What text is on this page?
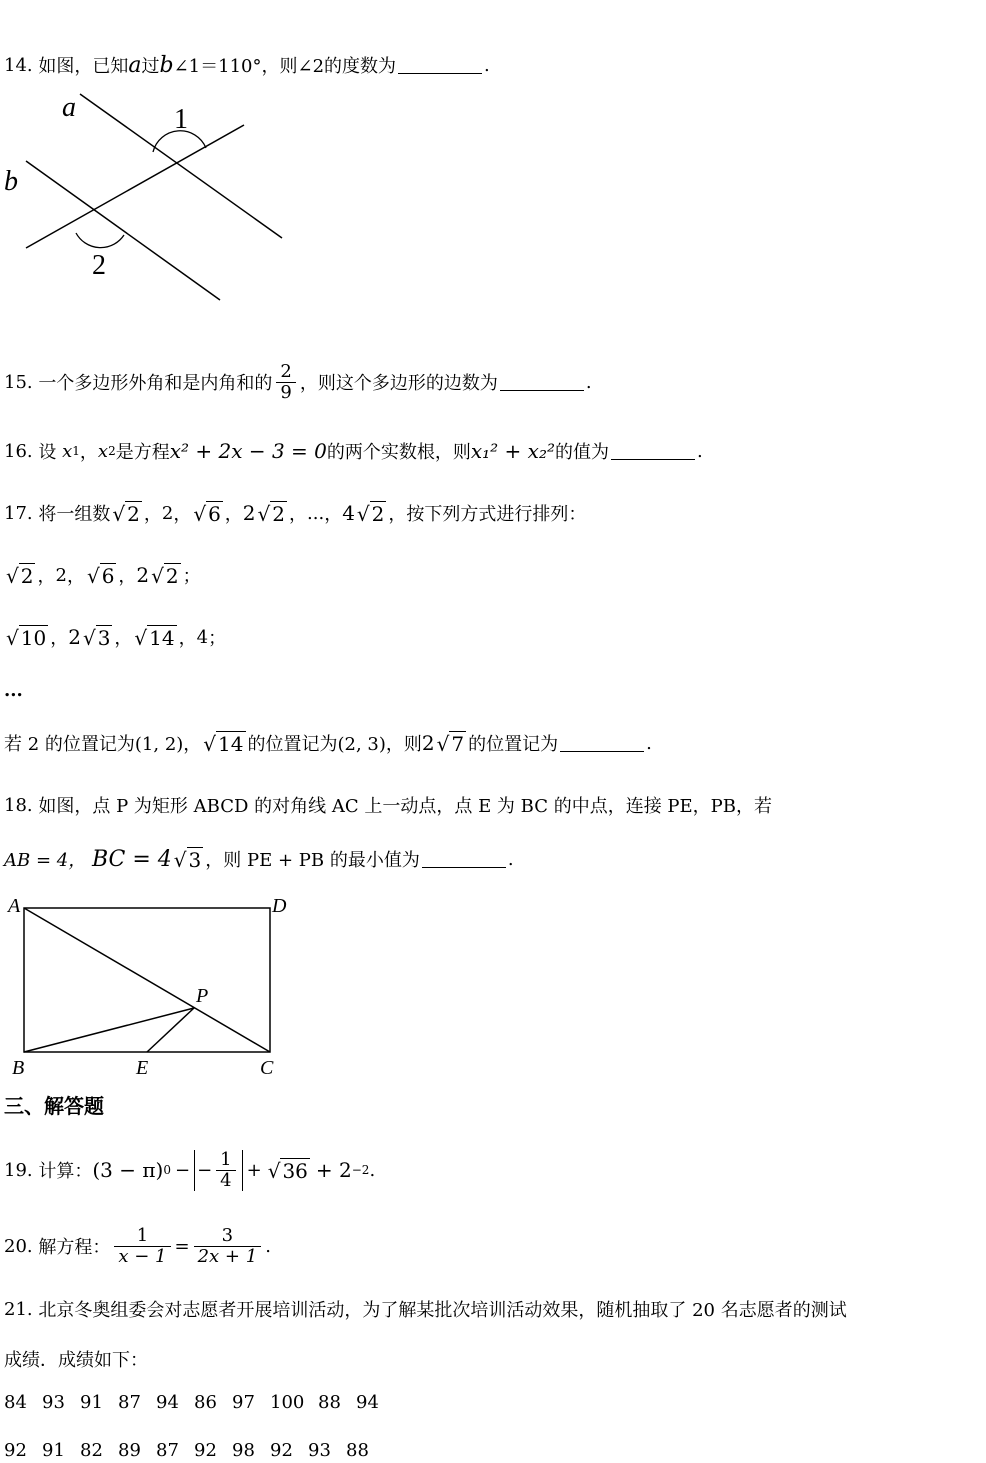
14.
如图，已知 a 过 b ∠1＝110°，则∠2的度数为	.
a
b
1
2
15.
一个多边形外角和是内角和的 $\frac{2}{9}$ ，则这个多边形的边数为	.
16.
设
x 1 ， x 2 是方程 x² + 2x − 3 = 0 的两个实数根，则 x₁² + x₂² 的值为	.
17.
将一组数 √ 2 ， 2 ， √ 6 ， 2 √ 2 ， ... ， 4 √ 2 ，按下列方式进行排列：
√ 2 ， 2 ， √ 6 ， 2 √ 2 ；
√ 10 ， 2 √ 3 ， √ 14 ， 4 ；
...
若 2 的位置记为(1, 2)， √ 14 的位置记为(2, 3)，则 2 √ 7 的位置记为	.
18.
如图，点 P 为矩形 ABCD 的对角线 AC 上一动点，点 E 为 BC 的中点，连接 PE，PB，若
AB = 4，
BC = 4 √ 3 ，则 PE + PB 的最小值为	.
A	D
P
B	E	C
三、解答题
19.
计算： (3 − π) 0 − − $\frac{1}{4}$ + √ 36 + 2 −2 .
20.
解方程： $\frac{1}{x - 1} = \frac{3}{2x + 1}$ .
21.
北京冬奥组委会对志愿者开展培训活动，为了解某批次培训活动效果，随机抽取了 20 名志愿者的测试
成绩．成绩如下：
84 93 91 87 94 86 97 100 88 94
92 91 82 89 87 92 98 92 93 88
